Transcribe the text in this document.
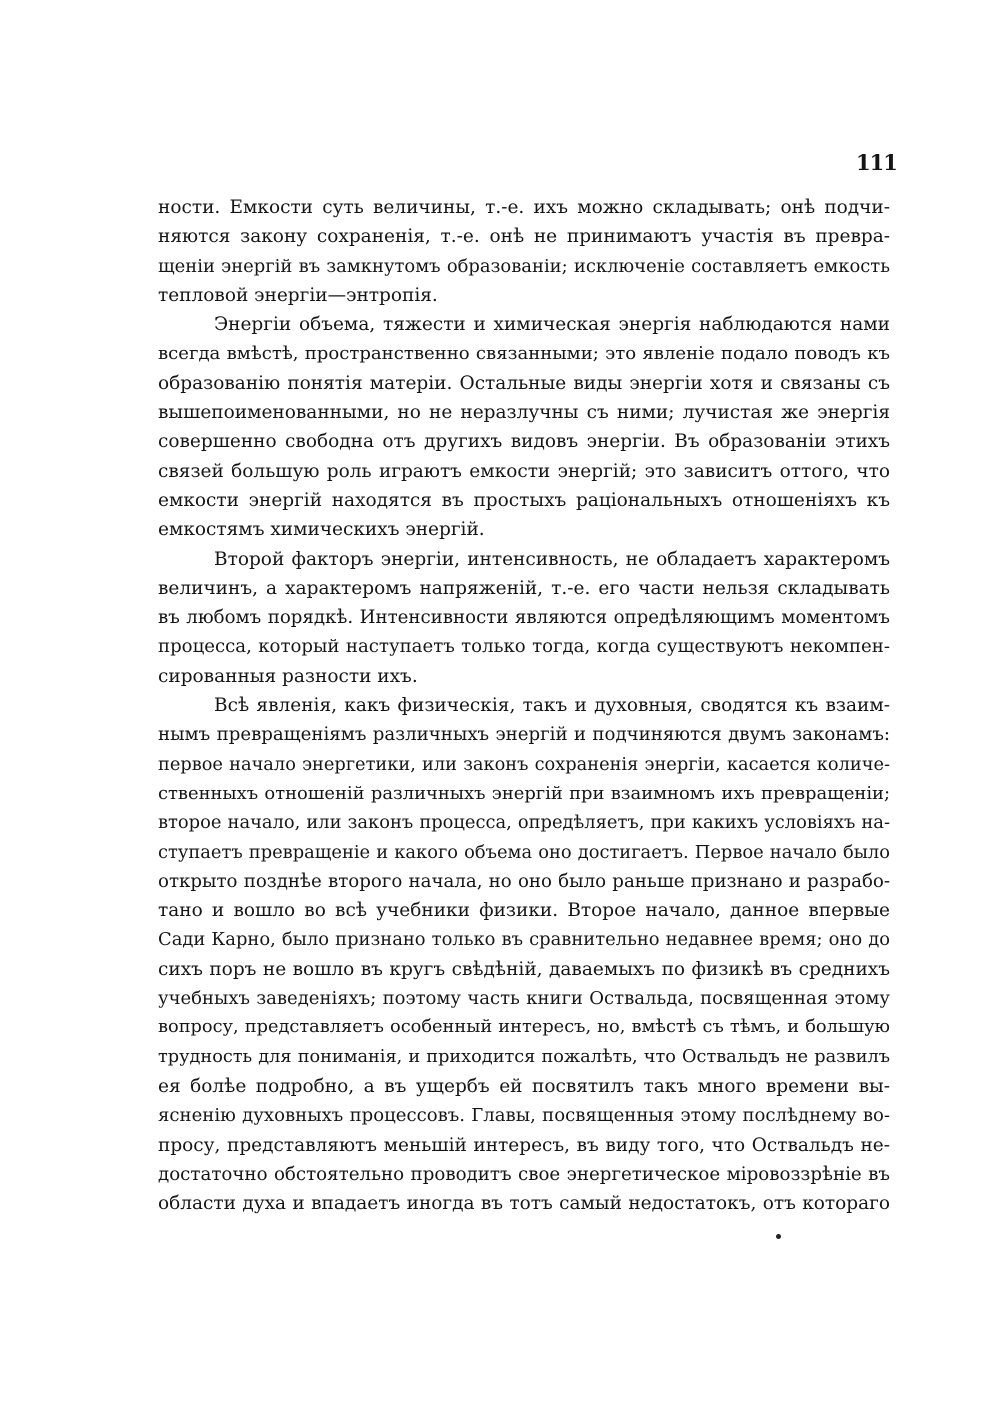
111
ности. Емкости суть величины, т.-е. ихъ можно складывать; онѣ подчи-
няются закону сохраненія, т.-е. онѣ не принимаютъ участія въ превра-
щеніи энергій въ замкнутомъ образованіи; исключеніе составляетъ емкость
тепловой энергіи—энтропія.
Энергіи объема, тяжести и химическая энергія наблюдаются нами
всегда вмѣстѣ, пространственно связанными; это явленіе подало поводъ къ
образованію понятія матеріи. Остальные виды энергіи хотя и связаны съ
вышепоименованными, но не неразлучны съ ними; лучистая же энергія
совершенно свободна отъ другихъ видовъ энергіи. Въ образованіи этихъ
связей большую роль играютъ емкости энергій; это зависитъ оттого, что
емкости энергій находятся въ простыхъ раціональныхъ отношеніяхъ къ
емкостямъ химическихъ энергій.
Второй факторъ энергіи, интенсивность, не обладаетъ характеромъ
величинъ, а характеромъ напряженій, т.-е. его части нельзя складывать
въ любомъ порядкѣ. Интенсивности являются опредѣляющимъ моментомъ
процесса, который наступаетъ только тогда, когда существуютъ некомпен-
сированныя разности ихъ.
Всѣ явленія, какъ физическія, такъ и духовныя, сводятся къ взаим-
нымъ превращеніямъ различныхъ энергій и подчиняются двумъ законамъ:
первое начало энергетики, или законъ сохраненія энергіи, касается количе-
ственныхъ отношеній различныхъ энергій при взаимномъ ихъ превращеніи;
второе начало, или законъ процесса, опредѣляетъ, при какихъ условіяхъ на-
ступаетъ превращеніе и какого объема оно достигаетъ. Первое начало было
открыто позднѣе второго начала, но оно было раньше признано и разрабо-
тано и вошло во всѣ учебники физики. Второе начало, данное впервые
Сади Карно, было признано только въ сравнительно недавнее время; оно до
сихъ поръ не вошло въ кругъ свѣдѣній, даваемыхъ по физикѣ въ среднихъ
учебныхъ заведеніяхъ; поэтому часть книги Оствальда, посвященная этому
вопросу, представляетъ особенный интересъ, но, вмѣстѣ съ тѣмъ, и большую
трудность для пониманія, и приходится пожалѣть, что Оствальдъ не развилъ
ея болѣе подробно, а въ ущербъ ей посвятилъ такъ много времени вы-
ясненію духовныхъ процессовъ. Главы, посвященныя этому послѣднему во-
просу, представляютъ меньшій интересъ, въ виду того, что Оствальдъ не-
достаточно обстоятельно проводитъ свое энергетическое міровоззрѣніе въ
области духа и впадаетъ иногда въ тотъ самый недостатокъ, отъ котораго
